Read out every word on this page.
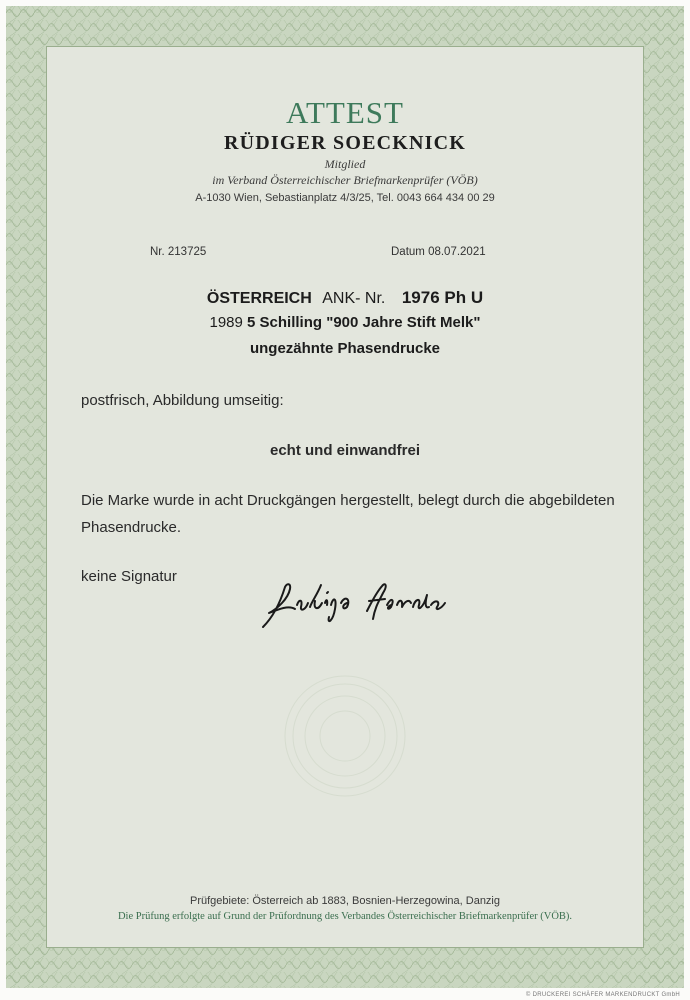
ATTEST
RÜDIGER SOECKNICK
Mitglied
im Verband Österreichischer Briefmarkenprüfer (VÖB)
A-1030 Wien, Sebastianplatz 4/3/25, Tel. 0043 664 434 00 29
Nr. 213725	Datum 08.07.2021
ÖSTERREICH ANK- Nr. 1976 Ph U
1989 5 Schilling "900 Jahre Stift Melk"
ungezähnte Phasendrucke
postfrisch, Abbildung umseitig:
echt und einwandfrei
Die Marke wurde in acht Druckgängen hergestellt, belegt durch die abgebildeten Phasendrucke.
keine Signatur
Prüfgebiete: Österreich ab 1883, Bosnien-Herzegowina, Danzig
Die Prüfung erfolgte auf Grund der Prüfordnung des Verbandes Österreichischer Briefmarkenprüfer (VÖB).
© DRUCKEREI SCHÄFER MARKENDRUCKT GmbH
